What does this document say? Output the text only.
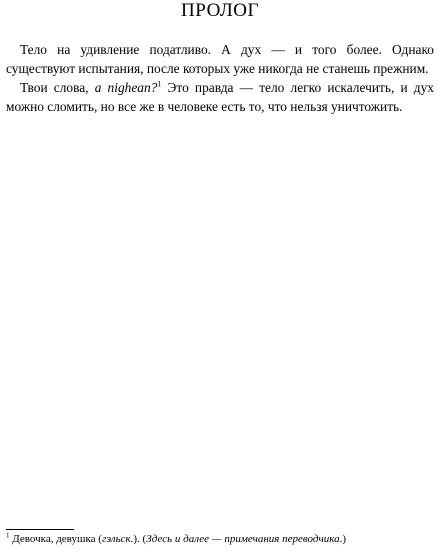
ПРОЛОГ

Тело на удивление податливо. А дух — и того более. Однако существуют испытания, после которых уже никогда не станешь прежним.

Твои слова, a nighean?$^1$ Это правда — тело легко искалечить, и дух можно сломить, но все же в человеке есть то, что нельзя уничтожить.

$^1$ Девочка, девушка (гэльск.). (Здесь и далее — примечания переводчика.)
